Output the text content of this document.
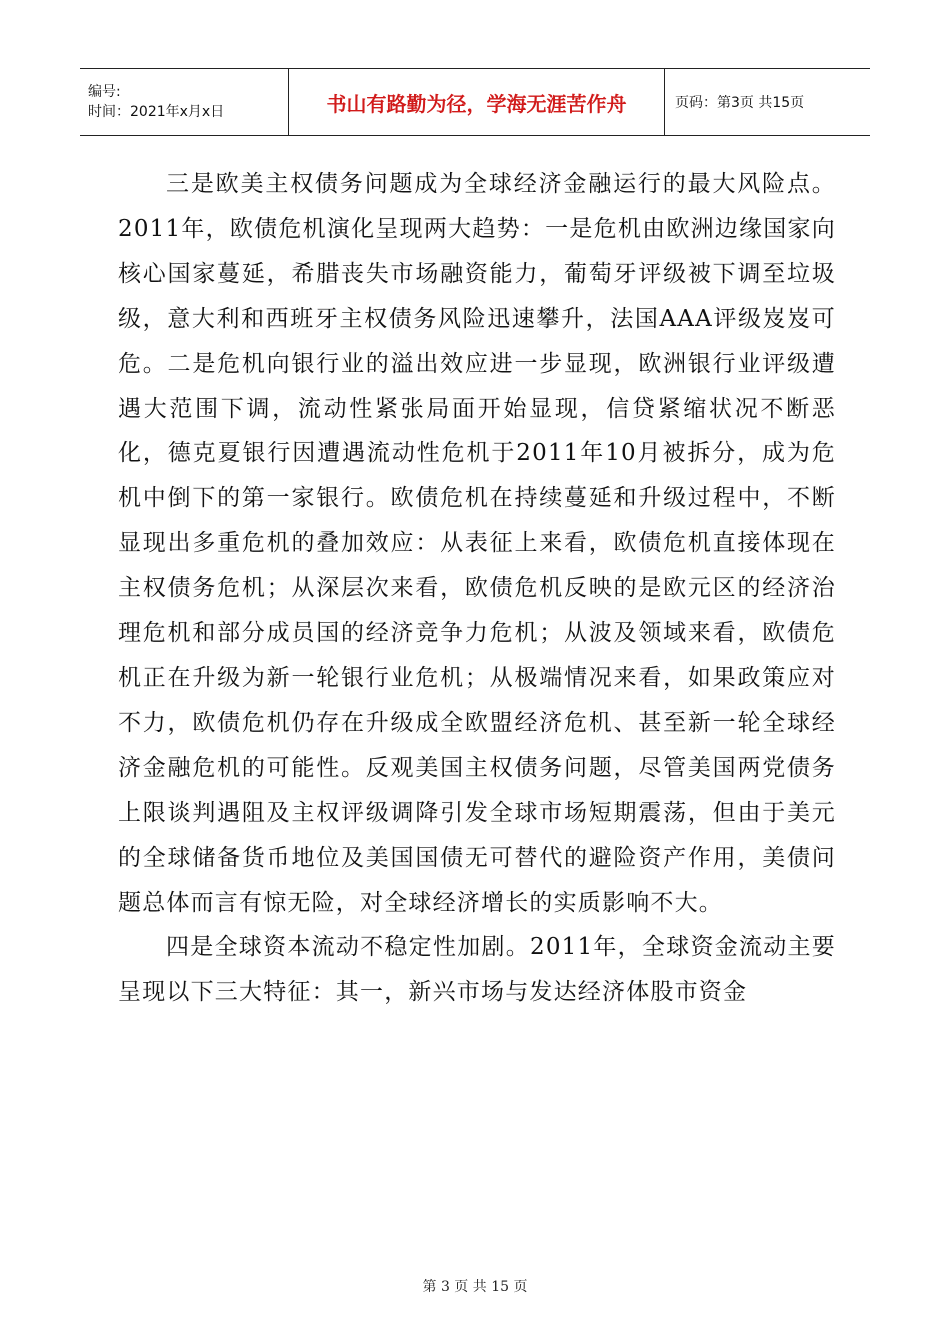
编号:
时间：2021年x月x日	书山有路勤为径，学海无涯苦作舟	页码：第3页 共15页

三是欧美主权债务问题成为全球经济金融运行的最大风险点。2011年，欧债危机演化呈现两大趋势：一是危机由欧洲边缘国家向核心国家蔓延，希腊丧失市场融资能力，葡萄牙评级被下调至垃圾级，意大利和西班牙主权债务风险迅速攀升，法国AAA评级岌岌可危。二是危机向银行业的溢出效应进一步显现，欧洲银行业评级遭遇大范围下调，流动性紧张局面开始显现，信贷紧缩状况不断恶化，德克夏银行因遭遇流动性危机于2011年10月被拆分，成为危机中倒下的第一家银行。欧债危机在持续蔓延和升级过程中，不断显现出多重危机的叠加效应：从表征上来看，欧债危机直接体现在主权债务危机；从深层次来看，欧债危机反映的是欧元区的经济治理危机和部分成员国的经济竞争力危机；从波及领域来看，欧债危机正在升级为新一轮银行业危机；从极端情况来看，如果政策应对不力，欧债危机仍存在升级成全欧盟经济危机、甚至新一轮全球经济金融危机的可能性。反观美国主权债务问题，尽管美国两党债务上限谈判遇阻及主权评级调降引发全球市场短期震荡，但由于美元的全球储备货币地位及美国国债无可替代的避险资产作用，美债问题总体而言有惊无险，对全球经济增长的实质影响不大。

四是全球资本流动不稳定性加剧。2011年，全球资金流动主要呈现以下三大特征：其一，新兴市场与发达经济体股市资金

第 3 页 共 15 页
